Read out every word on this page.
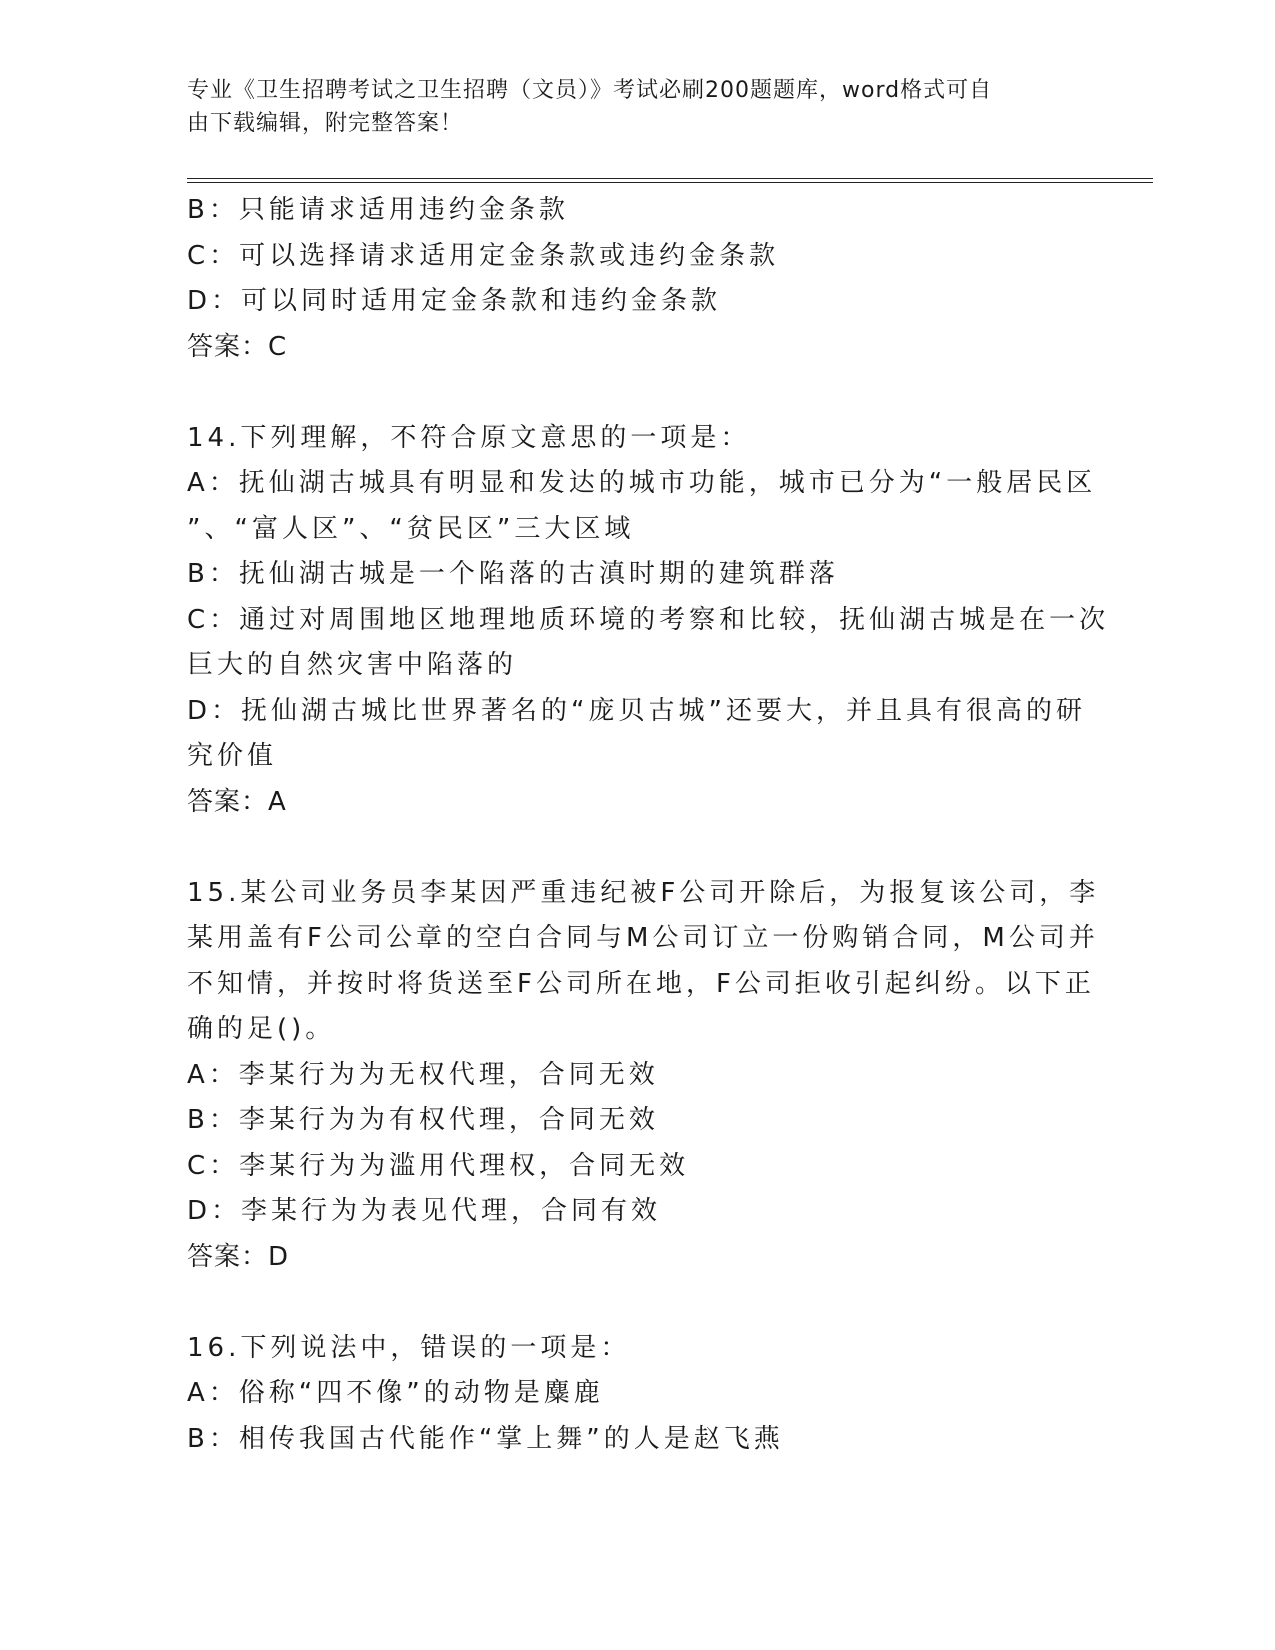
专业《卫生招聘考试之卫生招聘（文员）》考试必刷200题题库，word格式可自
由下载编辑，附完整答案！
B：只能请求适用违约金条款
C：可以选择请求适用定金条款或违约金条款
D：可以同时适用定金条款和违约金条款
答案：C
14.下列理解，不符合原文意思的一项是：
A：抚仙湖古城具有明显和发达的城市功能，城市已分为“一般居民区
”、“富人区”、“贫民区”三大区域
B：抚仙湖古城是一个陷落的古滇时期的建筑群落
C：通过对周围地区地理地质环境的考察和比较，抚仙湖古城是在一次
巨大的自然灾害中陷落的
D：抚仙湖古城比世界著名的“庞贝古城”还要大，并且具有很高的研
究价值
答案：A
15.某公司业务员李某因严重违纪被F公司开除后，为报复该公司，李
某用盖有F公司公章的空白合同与M公司订立一份购销合同，M公司并
不知情，并按时将货送至F公司所在地，F公司拒收引起纠纷。以下正
确的足()。
A：李某行为为无权代理，合同无效
B：李某行为为有权代理，合同无效
C：李某行为为滥用代理权，合同无效
D：李某行为为表见代理，合同有效
答案：D
16.下列说法中，错误的一项是：
A：俗称“四不像”的动物是麋鹿
B：相传我国古代能作“掌上舞”的人是赵飞燕
